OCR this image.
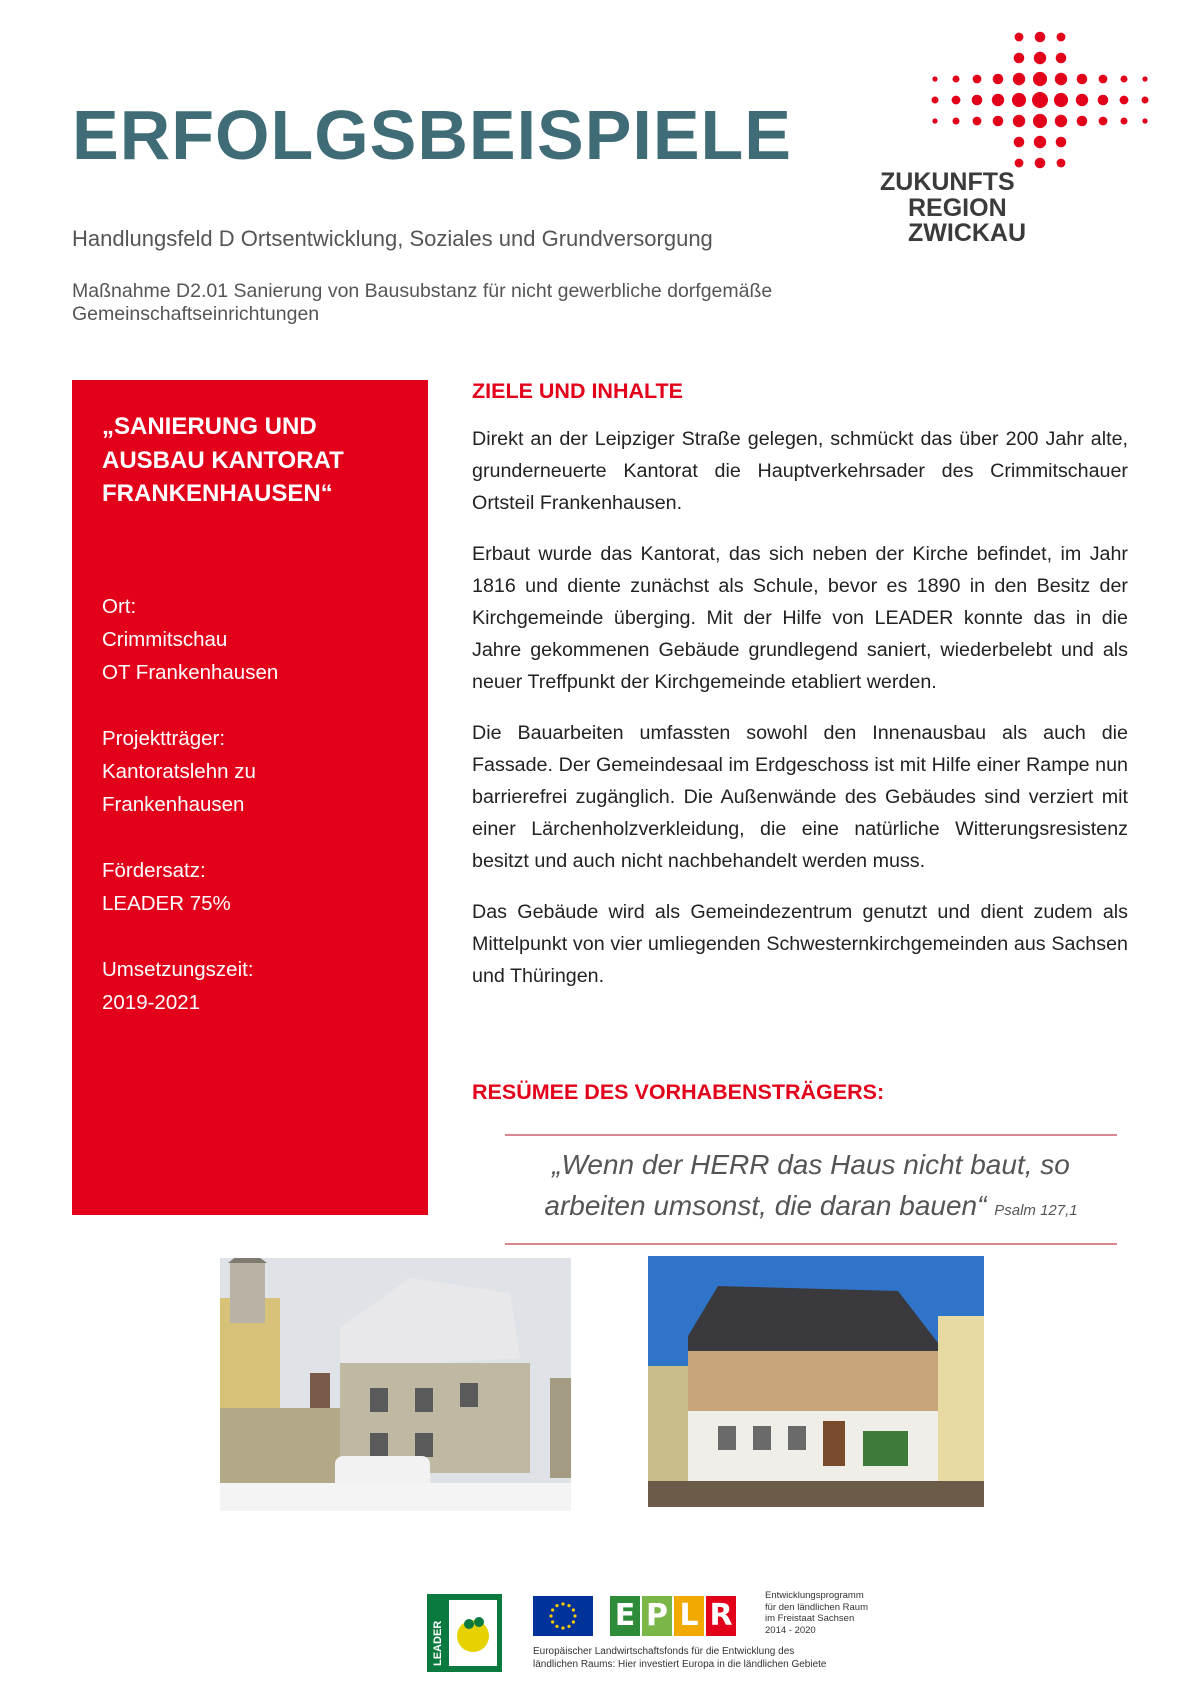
ERFOLGSBEISPIELE
Handlungsfeld D Ortsentwicklung, Soziales und Grundversorgung
Maßnahme D2.01 Sanierung von Bausubstanz für nicht gewerbliche dorfgemäße Gemeinschaftseinrichtungen
ZUKUNFTS
REGION
ZWICKAU
„SANIERUNG UND AUSBAU KANTORAT FRANKENHAUSEN“
Ort:
Crimmitschau
OT Frankenhausen
Projektträger:
Kantoratslehn zu
Frankenhausen
Fördersatz:
LEADER 75%
Umsetzungszeit:
2019-2021
ZIELE UND INHALTE

Direkt an der Leipziger Straße gelegen, schmückt das über 200 Jahr alte, grunderneuerte Kantorat die Hauptverkehrsader des Crimmitschauer Ortsteil Frankenhausen.

Erbaut wurde das Kantorat, das sich neben der Kirche befindet, im Jahr 1816 und diente zunächst als Schule, bevor es 1890 in den Besitz der Kirchgemeinde überging. Mit der Hilfe von LEADER konnte das in die Jahre gekommenen Gebäude grundlegend saniert, wiederbelebt und als neuer Treffpunkt der Kirchgemeinde etabliert werden.

Die Bauarbeiten umfassten sowohl den Innenausbau als auch die Fassade. Der Gemeindesaal im Erdgeschoss ist mit Hilfe einer Rampe nun barrierefrei zugänglich. Die Außenwände des Gebäudes sind verziert mit einer Lärchenholzverkleidung, die eine natürliche Witterungsresistenz besitzt und auch nicht nachbehandelt werden muss.

Das Gebäude wird als Gemeindezentrum genutzt und dient zudem als Mittelpunkt von vier umliegenden Schwesternkirchgemeinden aus Sachsen und Thüringen.

RESÜMEE DES VORHABENSTRÄGERS:
„Wenn der HERR das Haus nicht baut, so
arbeiten umsonst, die daran bauen“ Psalm 127,1
LEADER
E P L R
Entwicklungsprogramm
für den ländlichen Raum
im Freistaat Sachsen
2014 - 2020
Europäischer Landwirtschaftsfonds für die Entwicklung des
ländlichen Raums: Hier investiert Europa in die ländlichen Gebiete
